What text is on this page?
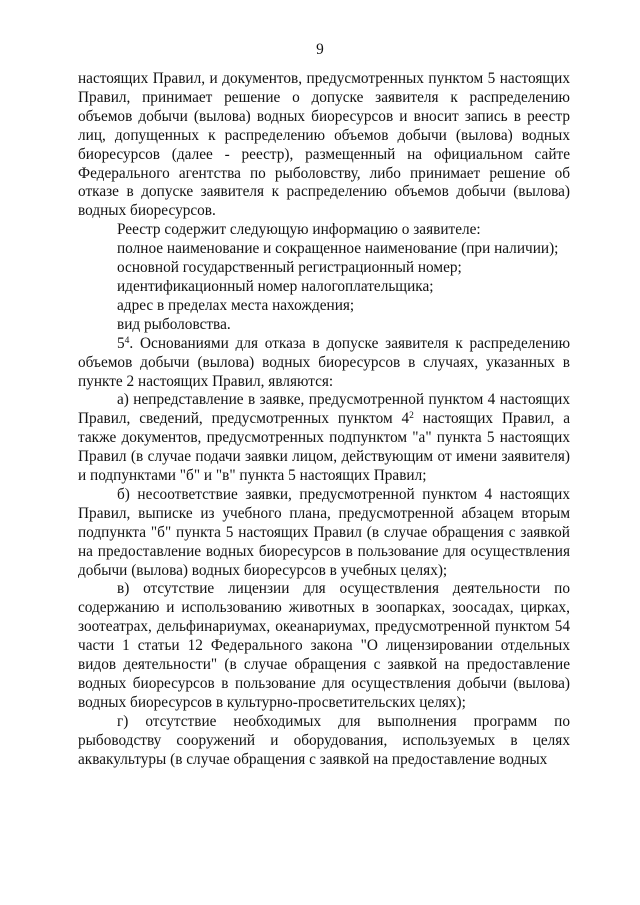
9

настоящих Правил, и документов, предусмотренных пунктом 5 настоящих Правил, принимает решение о допуске заявителя к распределению объемов добычи (вылова) водных биоресурсов и вносит запись в реестр лиц, допущенных к распределению объемов добычи (вылова) водных биоресурсов (далее - реестр), размещенный на официальном сайте Федерального агентства по рыболовству, либо принимает решение об отказе в допуске заявителя к распределению объемов добычи (вылова) водных биоресурсов.

Реестр содержит следующую информацию о заявителе:

полное наименование и сокращенное наименование (при наличии);

основной государственный регистрационный номер;

идентификационный номер налогоплательщика;

адрес в пределах места нахождения;

вид рыболовства.

$5^4$. Основаниями для отказа в допуске заявителя к распределению объемов добычи (вылова) водных биоресурсов в случаях, указанных в пункте 2 настоящих Правил, являются:

а) непредставление в заявке, предусмотренной пунктом 4 настоящих Правил, сведений, предусмотренных пунктом $4^2$ настоящих Правил, а также документов, предусмотренных подпунктом "а" пункта 5 настоящих Правил (в случае подачи заявки лицом, действующим от имени заявителя) и подпунктами "б" и "в" пункта 5 настоящих Правил;

б) несоответствие заявки, предусмотренной пунктом 4 настоящих Правил, выписке из учебного плана, предусмотренной абзацем вторым подпункта "б" пункта 5 настоящих Правил (в случае обращения с заявкой на предоставление водных биоресурсов в пользование для осуществления добычи (вылова) водных биоресурсов в учебных целях);

в) отсутствие лицензии для осуществления деятельности по содержанию и использованию животных в зоопарках, зоосадах, цирках, зоотеатрах, дельфинариумах, океанариумах, предусмотренной пунктом 54 части 1 статьи 12 Федерального закона "О лицензировании отдельных видов деятельности" (в случае обращения с заявкой на предоставление водных биоресурсов в пользование для осуществления добычи (вылова) водных биоресурсов в культурно-просветительских целях);

г) отсутствие необходимых для выполнения программ по рыбоводству сооружений и оборудования, используемых в целях аквакультуры (в случае обращения с заявкой на предоставление водных
